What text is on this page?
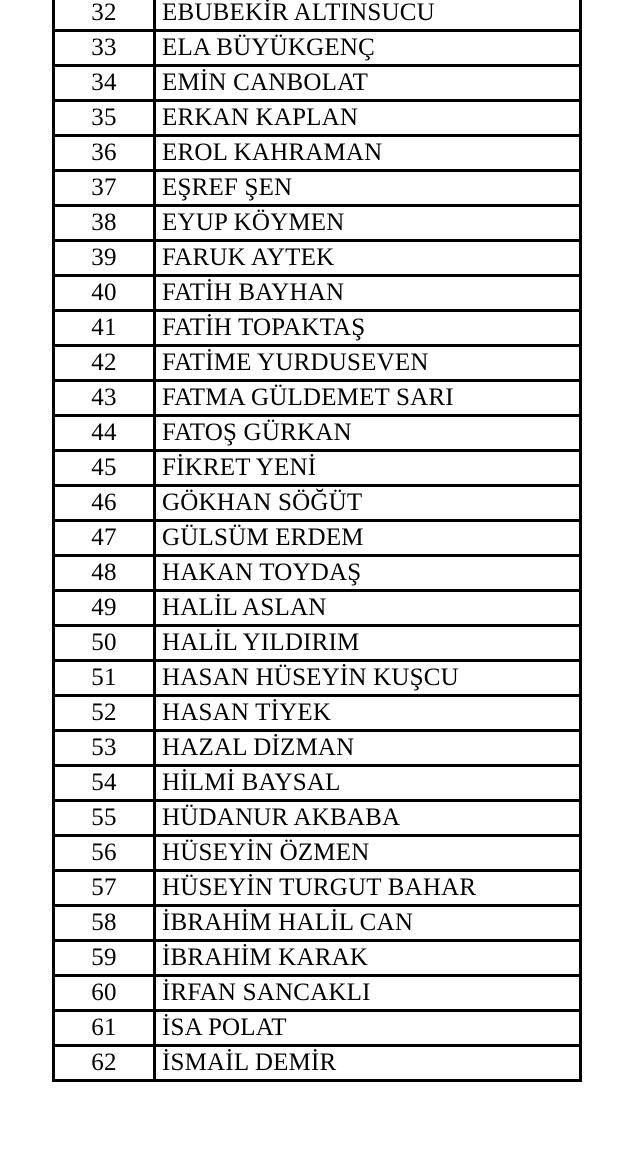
32	EBUBEKİR ALTINSUCU
33	ELA BÜYÜKGENÇ
34	EMİN CANBOLAT
35	ERKAN KAPLAN
36	EROL KAHRAMAN
37	EŞREF ŞEN
38	EYUP KÖYMEN
39	FARUK AYTEK
40	FATİH BAYHAN
41	FATİH TOPAKTAŞ
42	FATİME YURDUSEVEN
43	FATMA GÜLDEMET SARI
44	FATOŞ GÜRKAN
45	FİKRET YENİ
46	GÖKHAN SÖĞÜT
47	GÜLSÜM ERDEM
48	HAKAN TOYDAŞ
49	HALİL ASLAN
50	HALİL YILDIRIM
51	HASAN HÜSEYİN KUŞCU
52	HASAN TİYEK
53	HAZAL DİZMAN
54	HİLMİ BAYSAL
55	HÜDANUR AKBABA
56	HÜSEYİN ÖZMEN
57	HÜSEYİN TURGUT BAHAR
58	İBRAHİM HALİL CAN
59	İBRAHİM KARAK
60	İRFAN SANCAKLI
61	İSA POLAT
62	İSMAİL DEMİR
